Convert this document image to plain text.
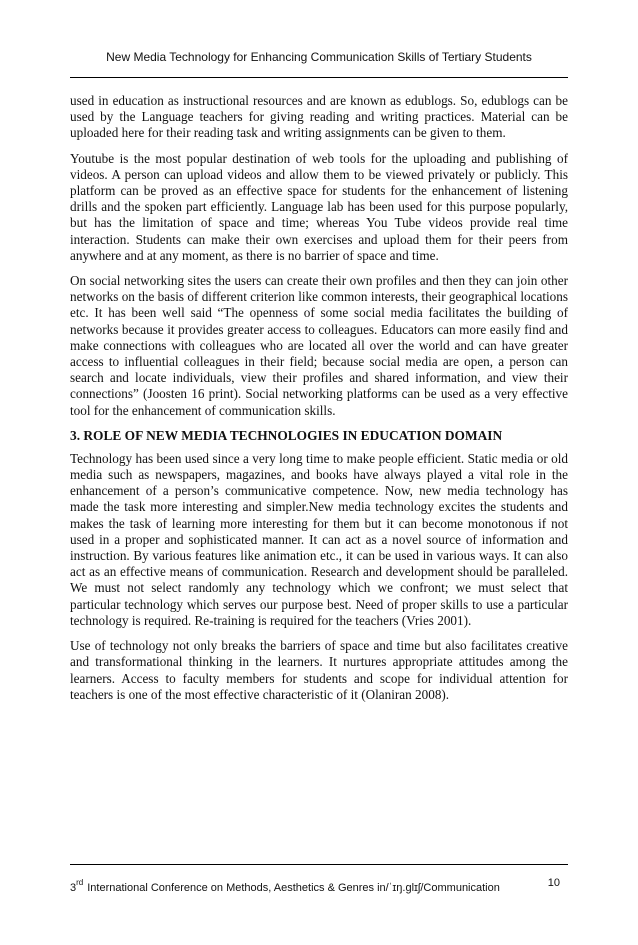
New Media Technology for Enhancing Communication Skills of Tertiary Students

used in education as instructional resources and are known as edublogs. So, edublogs can be used by the Language teachers for giving reading and writing practices. Material can be uploaded here for their reading task and writing assignments can be given to them.

Youtube is the most popular destination of web tools for the uploading and publishing of videos. A person can upload videos and allow them to be viewed privately or publicly. This platform can be proved as an effective space for students for the enhancement of listening drills and the spoken part efficiently. Language lab has been used for this purpose popularly, but has the limitation of space and time; whereas You Tube videos provide real time interaction. Students can make their own exercises and upload them for their peers from anywhere and at any moment, as there is no barrier of space and time.

On social networking sites the users can create their own profiles and then they can join other networks on the basis of different criterion like common interests, their geographical locations etc. It has been well said “The openness of some social media facilitates the building of networks because it provides greater access to colleagues. Educators can more easily find and make connections with colleagues who are located all over the world and can have greater access to influential colleagues in their field; because social media are open, a person can search and locate individuals, view their profiles and shared information, and view their connections” (Joosten 16 print). Social networking platforms can be used as a very effective tool for the enhancement of communication skills.

3. ROLE OF NEW MEDIA TECHNOLOGIES IN EDUCATION DOMAIN

Technology has been used since a very long time to make people efficient. Static media or old media such as newspapers, magazines, and books have always played a vital role in the enhancement of a person’s communicative competence. Now, new media technology has made the task more interesting and simpler.New media technology excites the students and makes the task of learning more interesting for them but it can become monotonous if not used in a proper and sophisticated manner. It can act as a novel source of information and instruction. By various features like animation etc., it can be used in various ways. It can also act as an effective means of communication. Research and development should be paralleled. We must not select randomly any technology which we confront; we must select that particular technology which serves our purpose best. Need of proper skills to use a particular technology is required. Re-training is required for the teachers (Vries 2001).

Use of technology not only breaks the barriers of space and time but also facilitates creative and transformational thinking in the learners. It nurtures appropriate attitudes among the learners. Access to faculty members for students and scope for individual attention for teachers is one of the most effective characteristic of it (Olaniran 2008).

3rd International Conference on Methods, Aesthetics & Genres in/ˈɪŋ.glɪʃ/Communication	10
